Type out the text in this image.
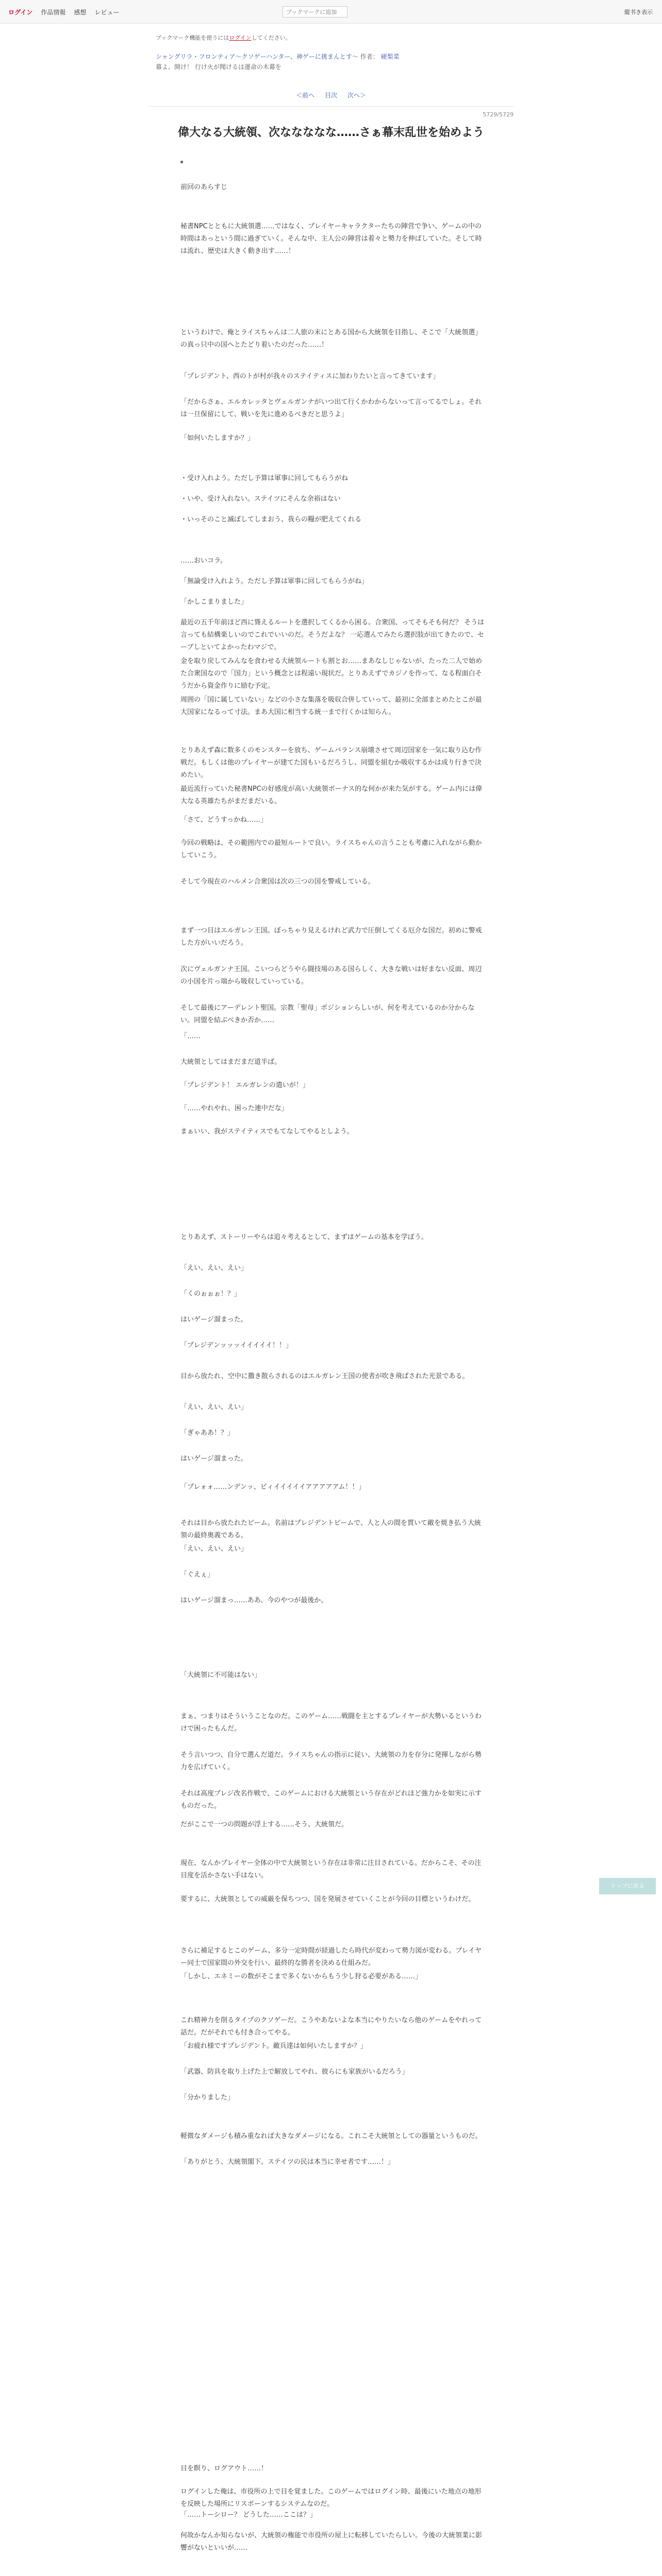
ログイン 作品情報 感想 レビュー
ブックマークに追加	縦书き表示
ブックマーク機能を使うにはログインしてください。
シャングリラ・フロンティア〜クソゲーハンター、神ゲーに挑まんとす〜 作者： 硬梨菜
幕よ、開け！ 行け火が聞けるは運命の木幕を
＜前へ 目次 次へ＞
5729/5729
偉大なる大統領、次ななななな……さぁ幕末乱世を始めよう

前回のあらすじ

秘書NPCとともに大統領選……ではなく、プレイヤーキャラクターたちの陣営で争い、ゲームの中の時間はあっという間に過ぎていく。そんな中、主人公の陣営は着々と勢力を伸ばしていた。そして時は流れ、歴史は大きく動き出す……！

というわけで、俺とライスちゃんは二人旅の末にとある国から大統領を目指し、そこで「大統領選」の真っ只中の国へとたどり着いたのだった……！

「プレジデント、西のトが村が我々のステイティスに加わりたいと言ってきています」

「だからさぁ、エルカレッタとヴェルガンナがいつ出て行くかわからないって言ってるでしょ。それは一旦保留にして、戦いを先に進めるべきだと思うよ」

「如何いたしますか？」

・受け入れよう。ただし予算は軍事に回してもらうがね

・いや、受け入れない。ステイツにそんな余裕はない

・いっそのこと滅ぼしてしまおう、我らの糧が肥えてくれる

……おいコラ。

「無論受け入れよう。ただし予算は軍事に回してもらうがね」

「かしこまりました」

最近の五千年前ほど西に聳えるルートを選択してくるから困る。合衆国、ってそもそも何だ？ そうは言っても結構楽しいのでこれでいいのだ。そうだよな？ 一応選んでみたら選択肢が出てきたので、セーブしといてよかったわマジで。

金を取り戻してみんなを食わせる大統領ルートも割とお……まあなしじゃないが、たった二人で始めた合衆国なので「国力」という概念とは程遠い現状だ。とりあえずでカジノを作って、なる程面白そうだから資金作りに励む予定。

周囲の「国に属していない」などの小さな集落を吸収合併していって、最初に全部まとめたとこが最大国家になるって寸法。まあ大国に相当する統一まで行くかは知らん。

とりあえず森に数多くのモンスターを放ち、ゲームバランス崩壊させて周辺国家を一気に取り込む作戦だ。もしくは他のプレイヤーが建てた国もいるだろうし、同盟を組むか吸収するかは成り行きで決めたい。

最近流行っていた秘書NPCの好感度が高い大統領ボーナス的な何かが来た気がする。ゲーム内には偉大なる英雄たちがまだまだいる。

「さて、どうすっかね……」

今回の戦略は、その範囲内での最短ルートで良い。ライスちゃんの言うことも考慮に入れながら動かしていこう。

そして今現在のハルメン合衆国は次の三つの国を警戒している。

まず一つ目はエルガレン王国。ぼっちゃり見えるけれど武力で圧倒してくる厄介な国だ。初めに警戒した方がいいだろう。

次にヴェルガンナ王国。こいつらどうやら闘技場のある国らしく、大きな戦いは好まない反面、周辺の小国を片っ端から吸収していっている。

そして最後にアーデレント聖国。宗教「聖母」ポジションらしいが、何を考えているのか分からない。同盟を結ぶべきか否か……

「……

大統領としてはまだまだ道半ば。

「プレジデント！ エルガレンの遣いが！」

「……やれやれ、困った連中だな」

まぁいい、我がステイティスでもてなしてやるとしよう。

とりあえず、ストーリーやらは追々考えるとして、まずはゲームの基本を学ぼう。

「えい、えい、えい」

「くのぉぉぉ！？」

はいゲージ溜まった。

「プレジデンッッッイイイイイ！！」

目から放たれ、空中に撒き散らされるのはエルガレン王国の使者が吹き飛ばされた光景である。

「えい、えい、えい」

「ぎゃああ！？」

はいゲージ溜まった。

「プレォォ……ンデンッ、ビィイイイイイアアアアアム！！」

それは目から放たれたビーム。名前はプレジデントビームで、人と人の間を貫いて敵を焼き払う大統領の最終奥義である。

「えい、えい、えい」

「ぐえぇ」

はいゲージ溜まっ……ああ、今のやつが最後か。

「大統領に不可能はない」

まぁ、つまりはそういうことなのだ。このゲーム……戦闘を主とするプレイヤーが大勢いるというわけで困ったもんだ。

そう言いつつ、自分で選んだ道だ。ライスちゃんの指示に従い、大統領の力を存分に発揮しながら勢力を広げていく。

それは高度プレジ改名作戦で、このゲームにおける大統領という存在がどれほど強力かを如実に示すものだった。

だがここで一つの問題が浮上する……そう、大統領だ。

現在、なんかプレイヤー全体の中で大統領という存在は非常に注目されている。だからこそ、その注目度を活かさない手はない。

要するに、大統領としての威厳を保ちつつ、国を発展させていくことが今回の目標というわけだ。

さらに補足するとこのゲーム、多分一定時間が経過したら時代が変わって勢力図が変わる。プレイヤー同士で国家間の外交を行い、最終的な勝者を決める仕組みだ。

「しかし、エネミーの数がそこまで多くないからもう少し狩る必要がある……」

これ精神力を削るタイプのクソゲーだ。こうやあないよな本当にやりたいなら他のゲームをやれって話だ。だがそれでも付き合ってやる。

「お疲れ様ですプレジデント。敵兵達は如何いたしますか？」

「武器、防具を取り上げた上で解放してやれ、彼らにも家族がいるだろう」

「分かりました」

軽微なダメージも積み重なれば大きなダメージになる。これこそ大統領としての器量というものだ。

「ありがとう、大統領閣下。ステイツの民は本当に幸せ者です……！」

目を瞑り、ログアウト……！

ログインした俺は、市役所の上で目を覚ました。このゲームではログイン時、最後にいた地点の地形を反映した場所にリスポーンするシステムなのだ。

「……トーシロー？ どうした……ここは？」

何故かなんか知らないが、大統領の権能で市役所の屋上に転移していたらしい。今後の大統領業に影響がないといいが……

トップに戻る
